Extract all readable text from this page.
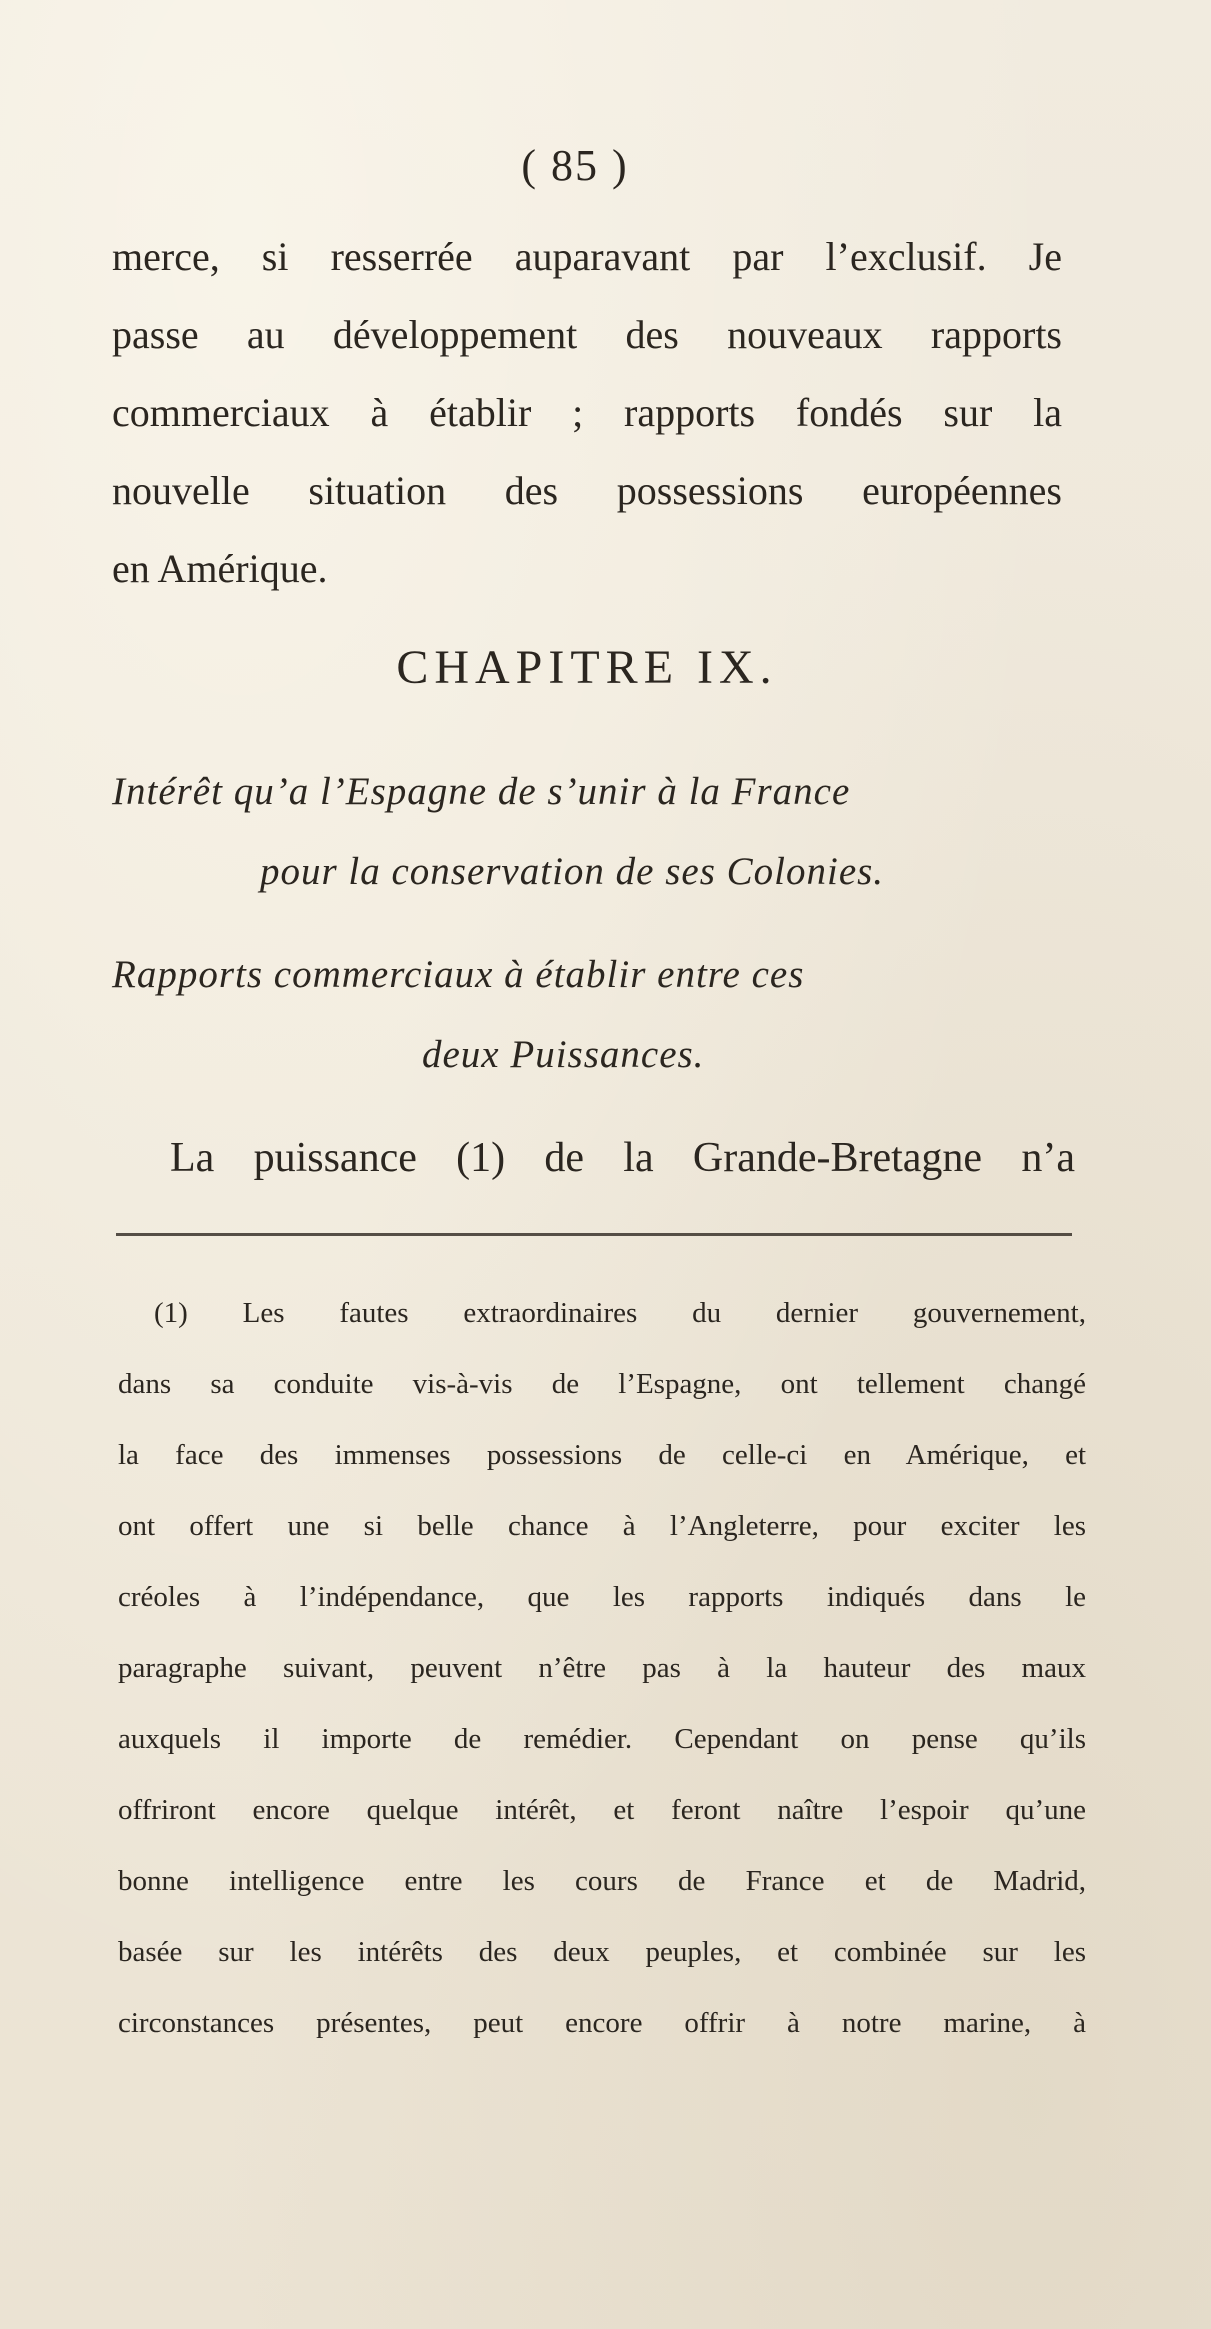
( 85 )
merce, si resserrée auparavant par l’exclusif. Je
passe au développement des nouveaux rapports
commerciaux à établir ; rapports fondés sur la
nouvelle situation des possessions européennes
en Amérique.
CHAPITRE IX.
Intérêt qu’a l’Espagne de s’unir à la France
pour la conservation de ses Colonies.
Rapports commerciaux à établir entre ces
deux Puissances.
La puissance (1) de la Grande-Bretagne n’a
(1) Les fautes extraordinaires du dernier gouvernement,
dans sa conduite vis-à-vis de l’Espagne, ont tellement changé
la face des immenses possessions de celle-ci en Amérique, et
ont offert une si belle chance à l’Angleterre, pour exciter les
créoles à l’indépendance, que les rapports indiqués dans le
paragraphe suivant, peuvent n’être pas à la hauteur des maux
auxquels il importe de remédier. Cependant on pense qu’ils
offriront encore quelque intérêt, et feront naître l’espoir qu’une
bonne intelligence entre les cours de France et de Madrid,
basée sur les intérêts des deux peuples, et combinée sur les
circonstances présentes, peut encore offrir à notre marine, à
